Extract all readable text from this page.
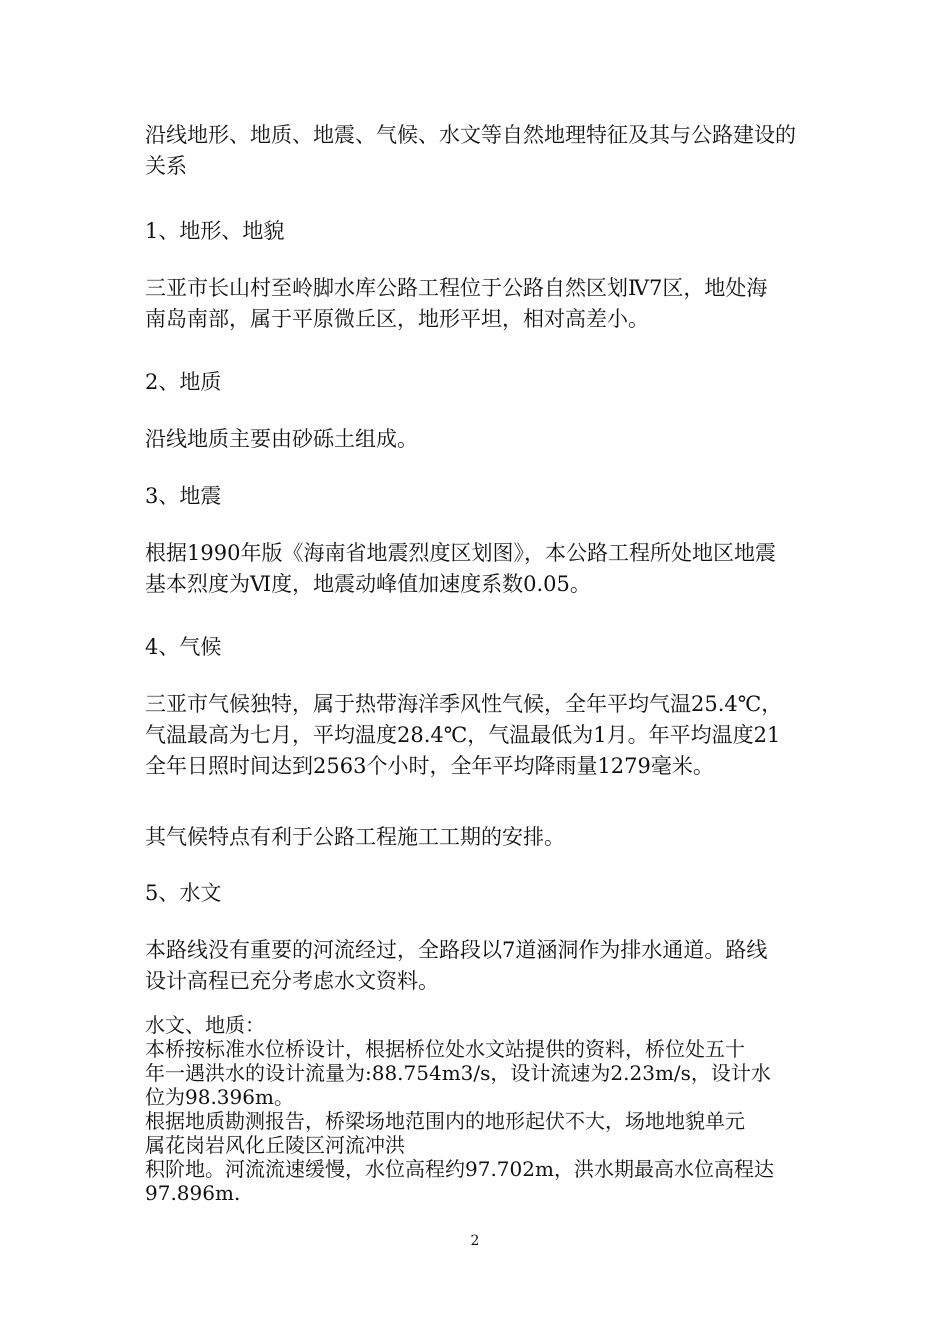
沿线地形、地质、地震、气候、水文等自然地理特征及其与公路建设的
关系
1、地形、地貌
三亚市长山村至岭脚水库公路工程位于公路自然区划Ⅳ7区，地处海
南岛南部，属于平原微丘区，地形平坦，相对高差小。
2、地质
沿线地质主要由砂砾土组成。
3、地震
根据1990年版《海南省地震烈度区划图》，本公路工程所处地区地震
基本烈度为Ⅵ度，地震动峰值加速度系数0.05。
4、气候
三亚市气候独特，属于热带海洋季风性气候，全年平均气温25.4℃，
气温最高为七月，平均温度28.4℃，气温最低为1月。年平均温度21
全年日照时间达到2563个小时，全年平均降雨量1279毫米。
其气候特点有利于公路工程施工工期的安排。
5、水文
本路线没有重要的河流经过，全路段以7道涵洞作为排水通道。路线
设计高程已充分考虑水文资料。
水文、地质：
本桥按标准水位桥设计，根据桥位处水文站提供的资料，桥位处五十
年一遇洪水的设计流量为:88.754m3/s，设计流速为2.23m/s，设计水
位为98.396m。
根据地质勘测报告，桥梁场地范围内的地形起伏不大，场地地貌单元
属花岗岩风化丘陵区河流冲洪
积阶地。河流流速缓慢，水位高程约97.702m，洪水期最高水位高程达
97.896m.
2
